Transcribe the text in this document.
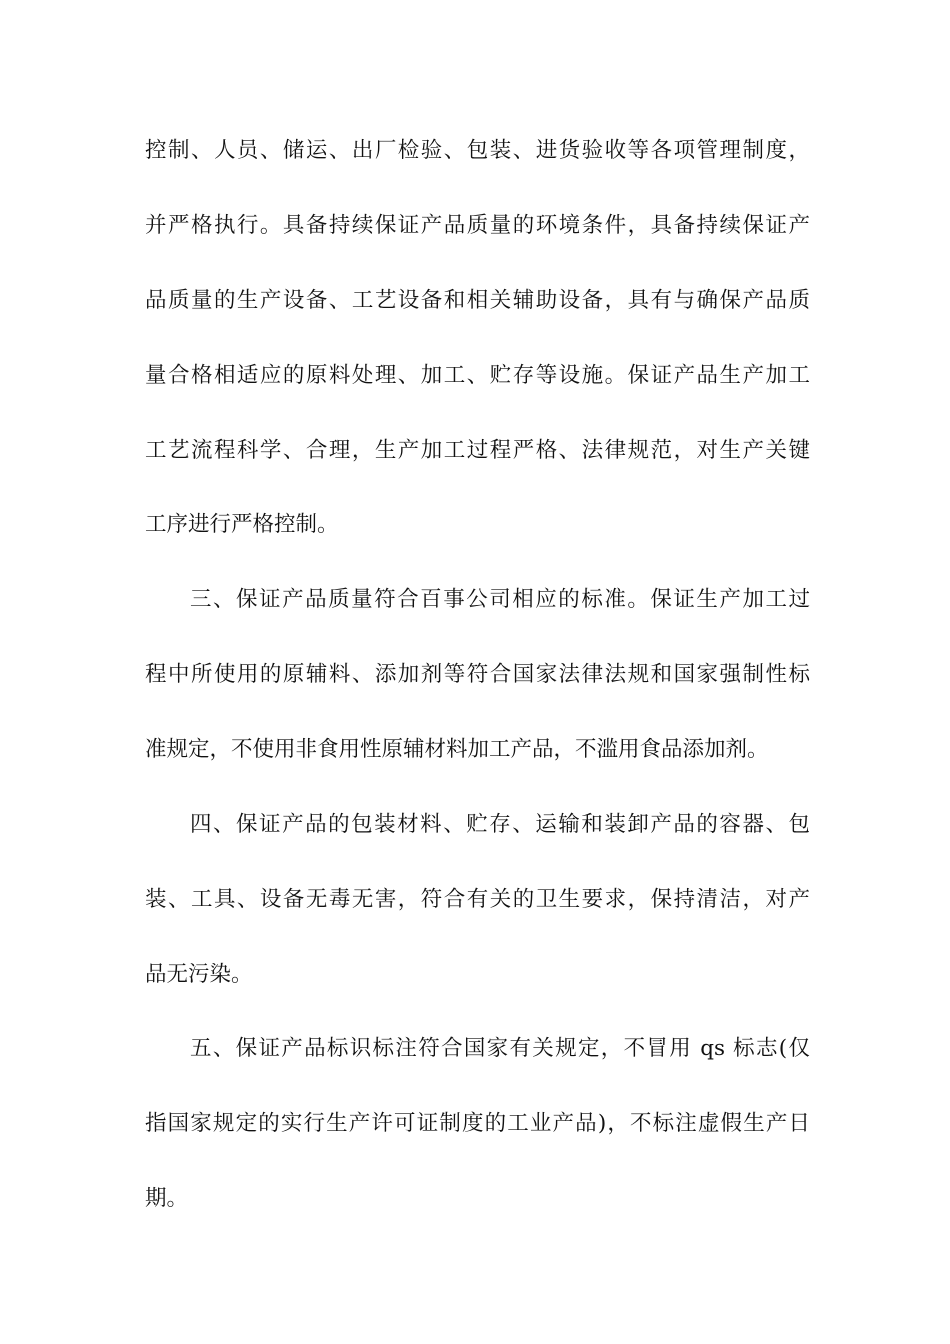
控制、人员、储运、出厂检验、包装、进货验收等各项管理制度，
并严格执行。具备持续保证产品质量的环境条件，具备持续保证产
品质量的生产设备、工艺设备和相关辅助设备，具有与确保产品质
量合格相适应的原料处理、加工、贮存等设施。保证产品生产加工
工艺流程科学、合理，生产加工过程严格、法律规范，对生产关键
工序进行严格控制。
三、保证产品质量符合百事公司相应的标准。保证生产加工过
程中所使用的原辅料、添加剂等符合国家法律法规和国家强制性标
准规定，不使用非食用性原辅材料加工产品，不滥用食品添加剂。
四、保证产品的包装材料、贮存、运输和装卸产品的容器、包
装、工具、设备无毒无害，符合有关的卫生要求，保持清洁，对产
品无污染。
五、保证产品标识标注符合国家有关规定，不冒用 qs 标志(仅
指国家规定的实行生产许可证制度的工业产品)，不标注虚假生产日
期。
